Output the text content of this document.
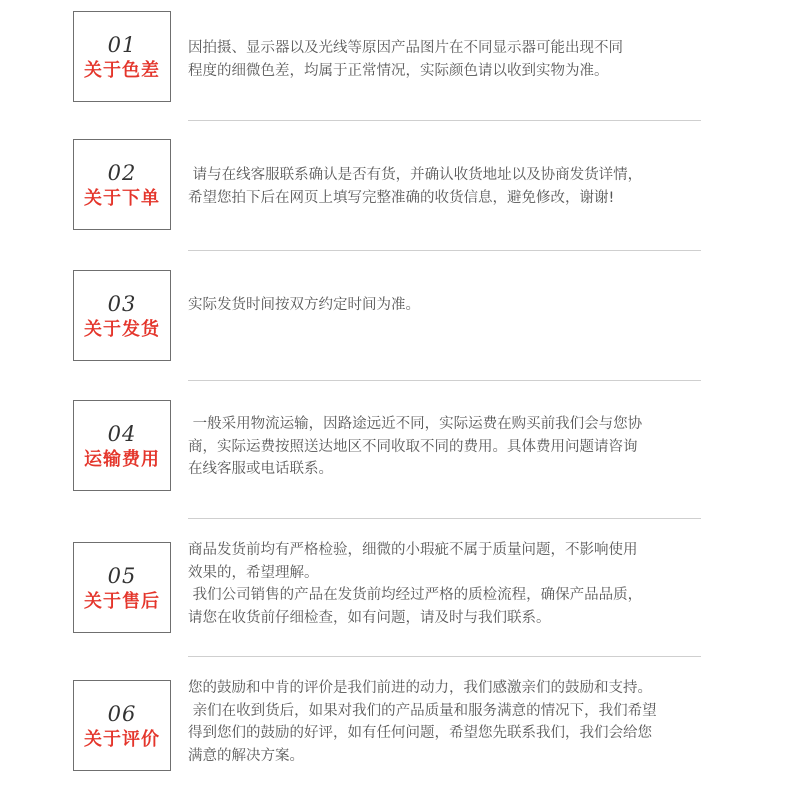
01
关于色差

因拍摄、显示器以及光线等原因产品图片在不同显示器可能出现不同

程度的细微色差，均属于正常情况，实际颜色请以收到实物为准。

02
关于下单

请与在线客服联系确认是否有货，并确认收货地址以及协商发货详情，

希望您拍下后在网页上填写完整准确的收货信息，避免修改，谢谢!

03
关于发货

实际发货时间按双方约定时间为准。

04
运输费用

一般采用物流运输，因路途远近不同，实际运费在购买前我们会与您协

商，实际运费按照送达地区不同收取不同的费用。具体费用问题请咨询

在线客服或电话联系。

05
关于售后

商品发货前均有严格检验，细微的小瑕疵不属于质量问题，不影响使用

效果的，希望理解。

我们公司销售的产品在发货前均经过严格的质检流程，确保产品品质，

请您在收货前仔细检查，如有问题，请及时与我们联系。

06
关于评价

您的鼓励和中肯的评价是我们前进的动力，我们感激亲们的鼓励和支持。

亲们在收到货后，如果对我们的产品质量和服务满意的情况下，我们希望

得到您们的鼓励的好评，如有任何问题，希望您先联系我们，我们会给您

满意的解决方案。
